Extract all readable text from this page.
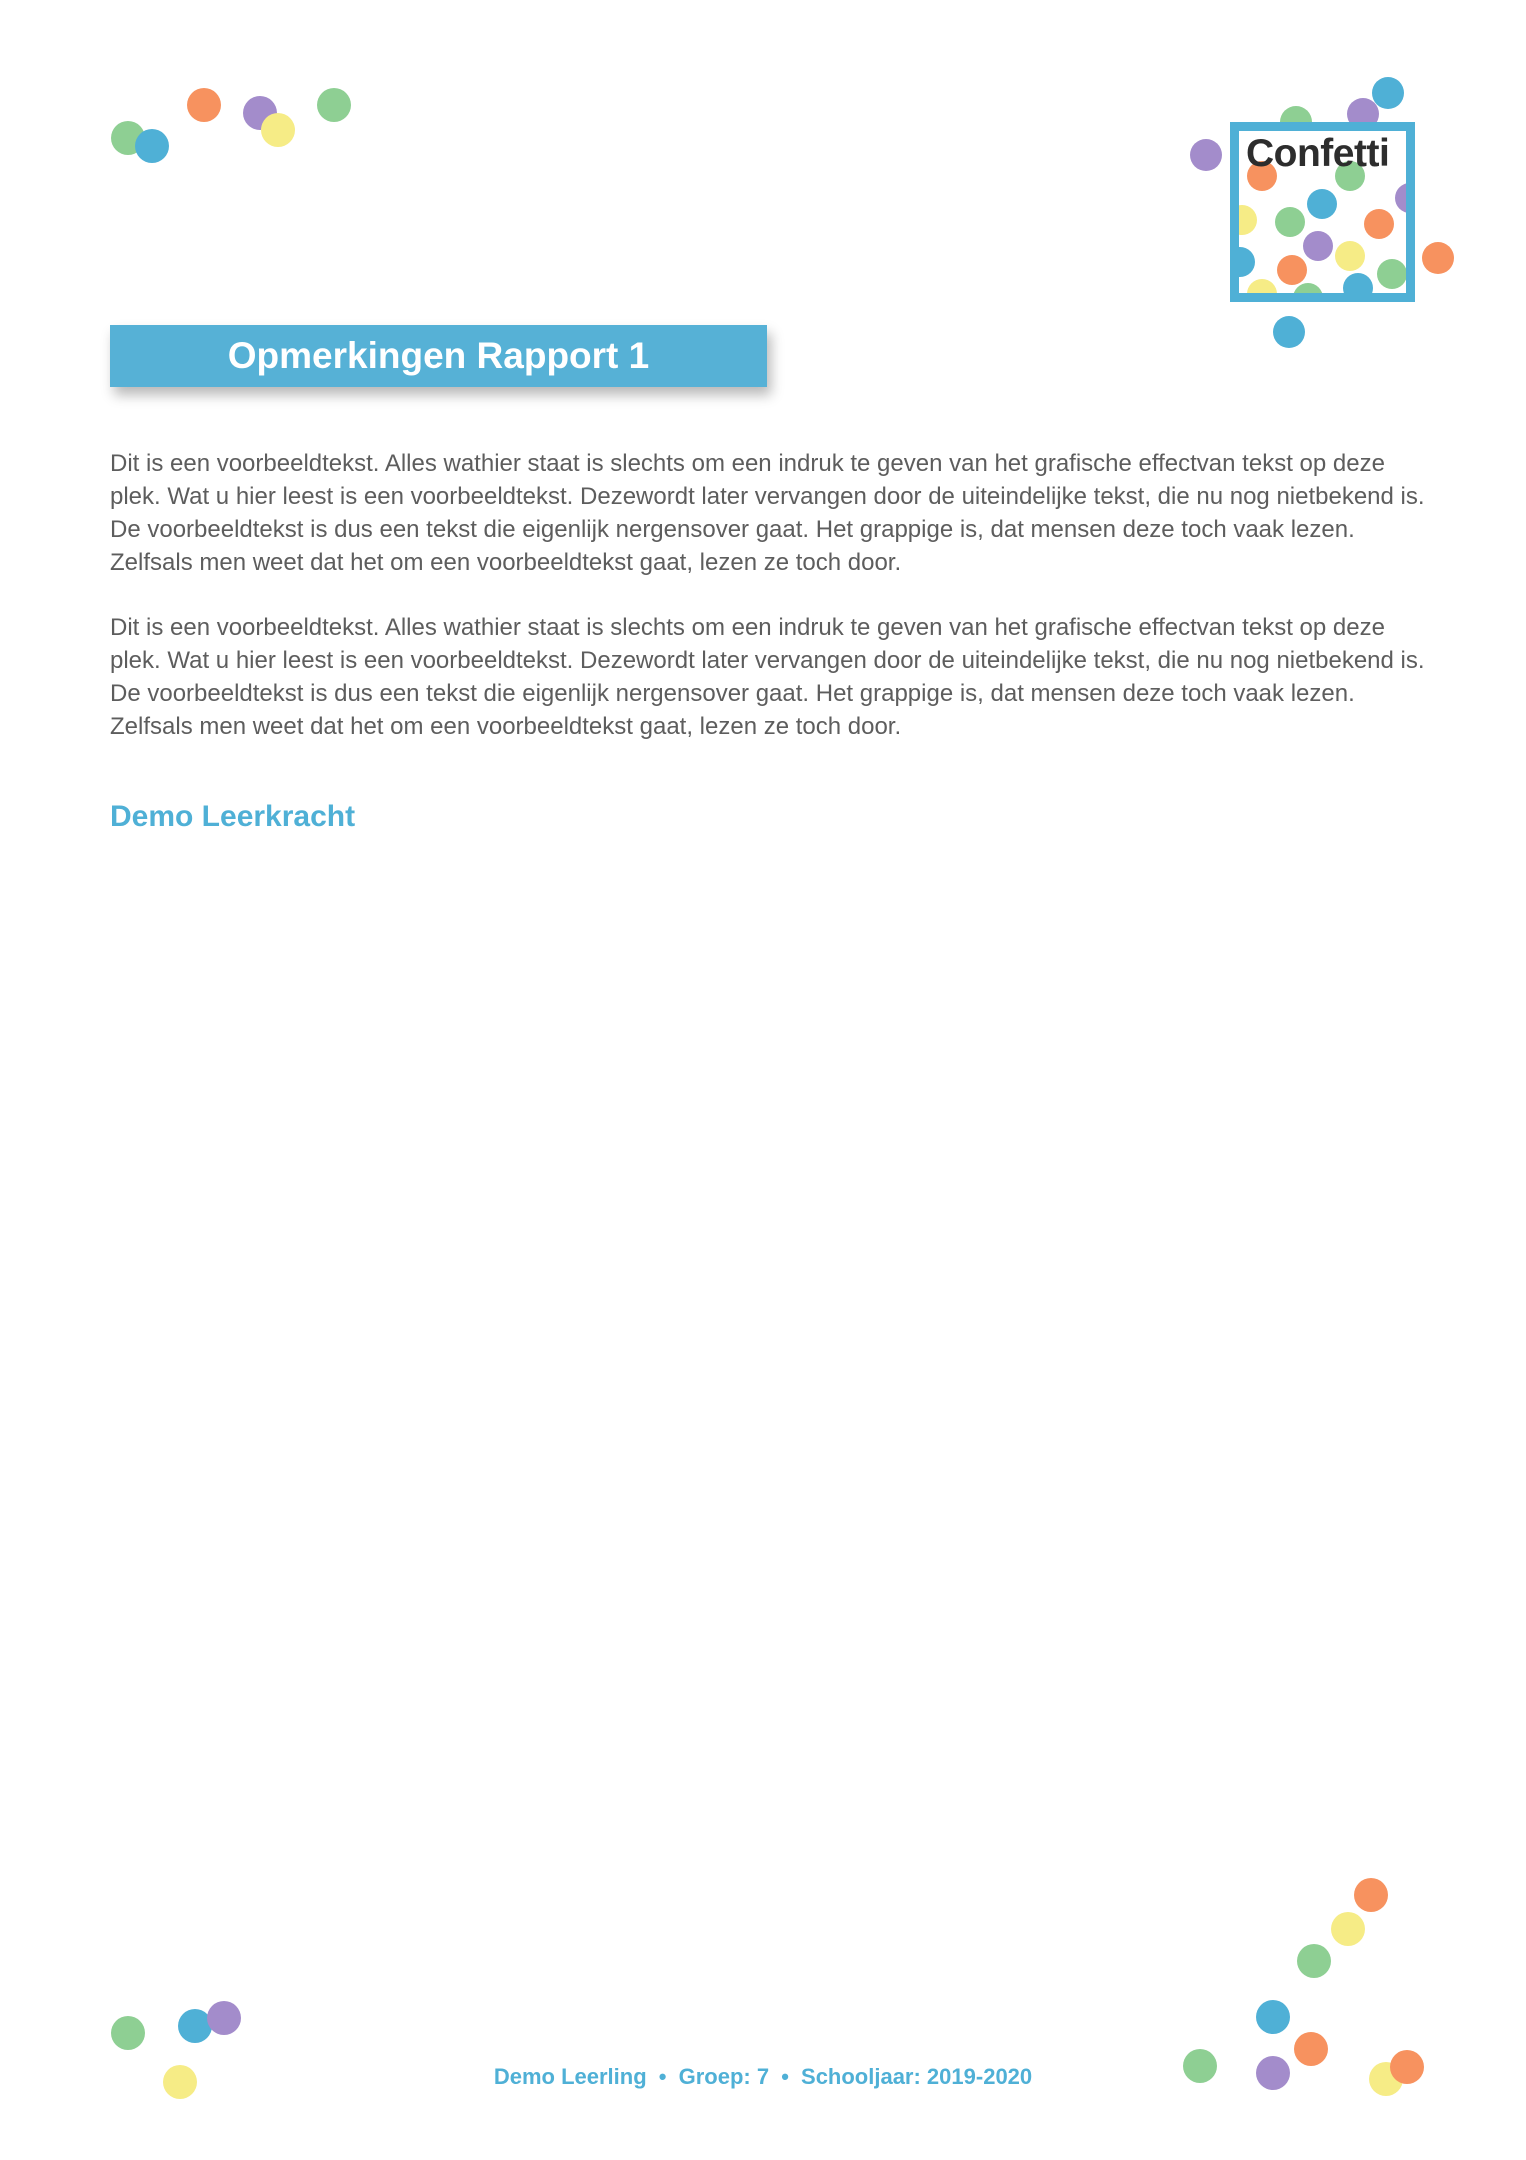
Confetti
Opmerkingen Rapport 1

Dit is een voorbeeldtekst. Alles wathier staat is slechts om een indruk te geven van het grafische effectvan tekst op deze plek. Wat u hier leest is een voorbeeldtekst. Dezewordt later vervangen door de uiteindelijke tekst, die nu nog nietbekend is. De voorbeeldtekst is dus een tekst die eigenlijk nergensover gaat. Het grappige is, dat mensen deze toch vaak lezen. Zelfsals men weet dat het om een voorbeeldtekst gaat, lezen ze toch door.

Dit is een voorbeeldtekst. Alles wathier staat is slechts om een indruk te geven van het grafische effectvan tekst op deze plek. Wat u hier leest is een voorbeeldtekst. Dezewordt later vervangen door de uiteindelijke tekst, die nu nog nietbekend is. De voorbeeldtekst is dus een tekst die eigenlijk nergensover gaat. Het grappige is, dat mensen deze toch vaak lezen. Zelfsals men weet dat het om een voorbeeldtekst gaat, lezen ze toch door.

Demo Leerkracht
Demo Leerling • Groep: 7 • Schooljaar: 2019-2020
